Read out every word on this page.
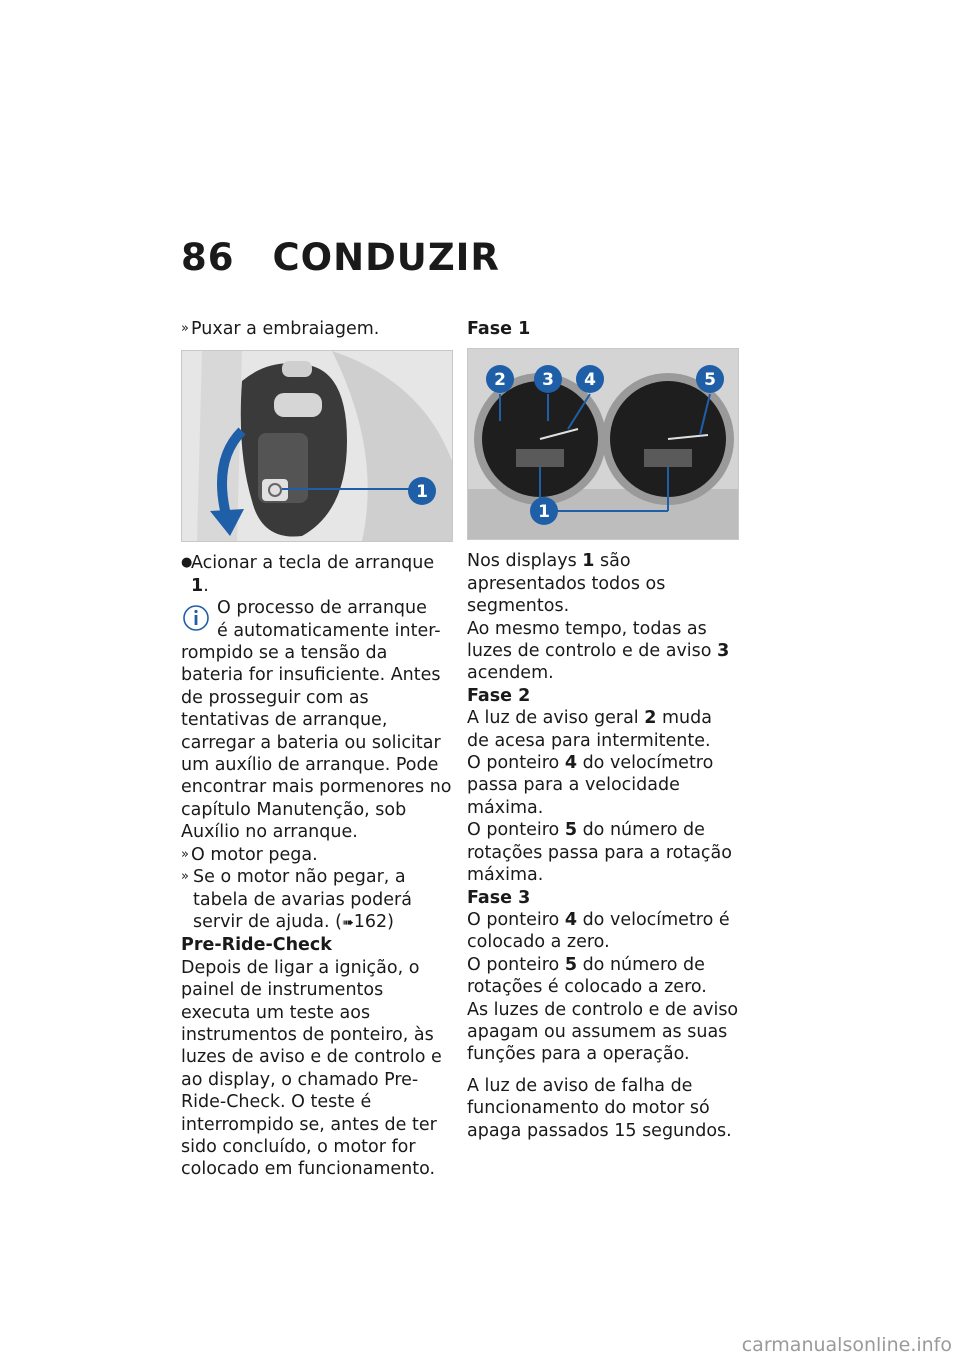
86 CONDUZIR

» Puxar a embraiagem.

1

●
Acionar a tecla de arranque 1.

O processo de arranque

é automaticamente inter-

rompido se a tensão da bateria for insuficiente. Antes de prosseguir com as tentativas de arranque, carregar a bateria ou solicitar um auxílio de arranque. Pode encontrar mais pormenores no capítulo Manutenção, sob Auxílio no arranque.

» O motor pega.

» Se o motor não pegar, a tabela de avarias poderá servir de ajuda. (➠162)

Pre-Ride-Check

Depois de ligar a ignição, o painel de instrumentos executa um teste aos instrumentos de ponteiro, às luzes de aviso e de controlo e ao display, o chamado Pre-Ride-Check. O teste é interrompido se, antes de ter sido concluído, o motor for colocado em funcionamento.

Fase 1

2 3 4	5
1

Nos displays 1 são apresentados todos os segmentos.

Ao mesmo tempo, todas as luzes de controlo e de aviso 3 acendem.

Fase 2

A luz de aviso geral 2 muda de acesa para intermitente.

O ponteiro 4 do velocímetro passa para a velocidade máxima.

O ponteiro 5 do número de rotações passa para a rotação máxima.

Fase 3

O ponteiro 4 do velocímetro é colocado a zero.

O ponteiro 5 do número de rotações é colocado a zero.

As luzes de controlo e de aviso apagam ou assumem as suas funções para a operação.

A luz de aviso de falha de funcionamento do motor só apaga passados 15 segundos.

carmanualsonline.info
